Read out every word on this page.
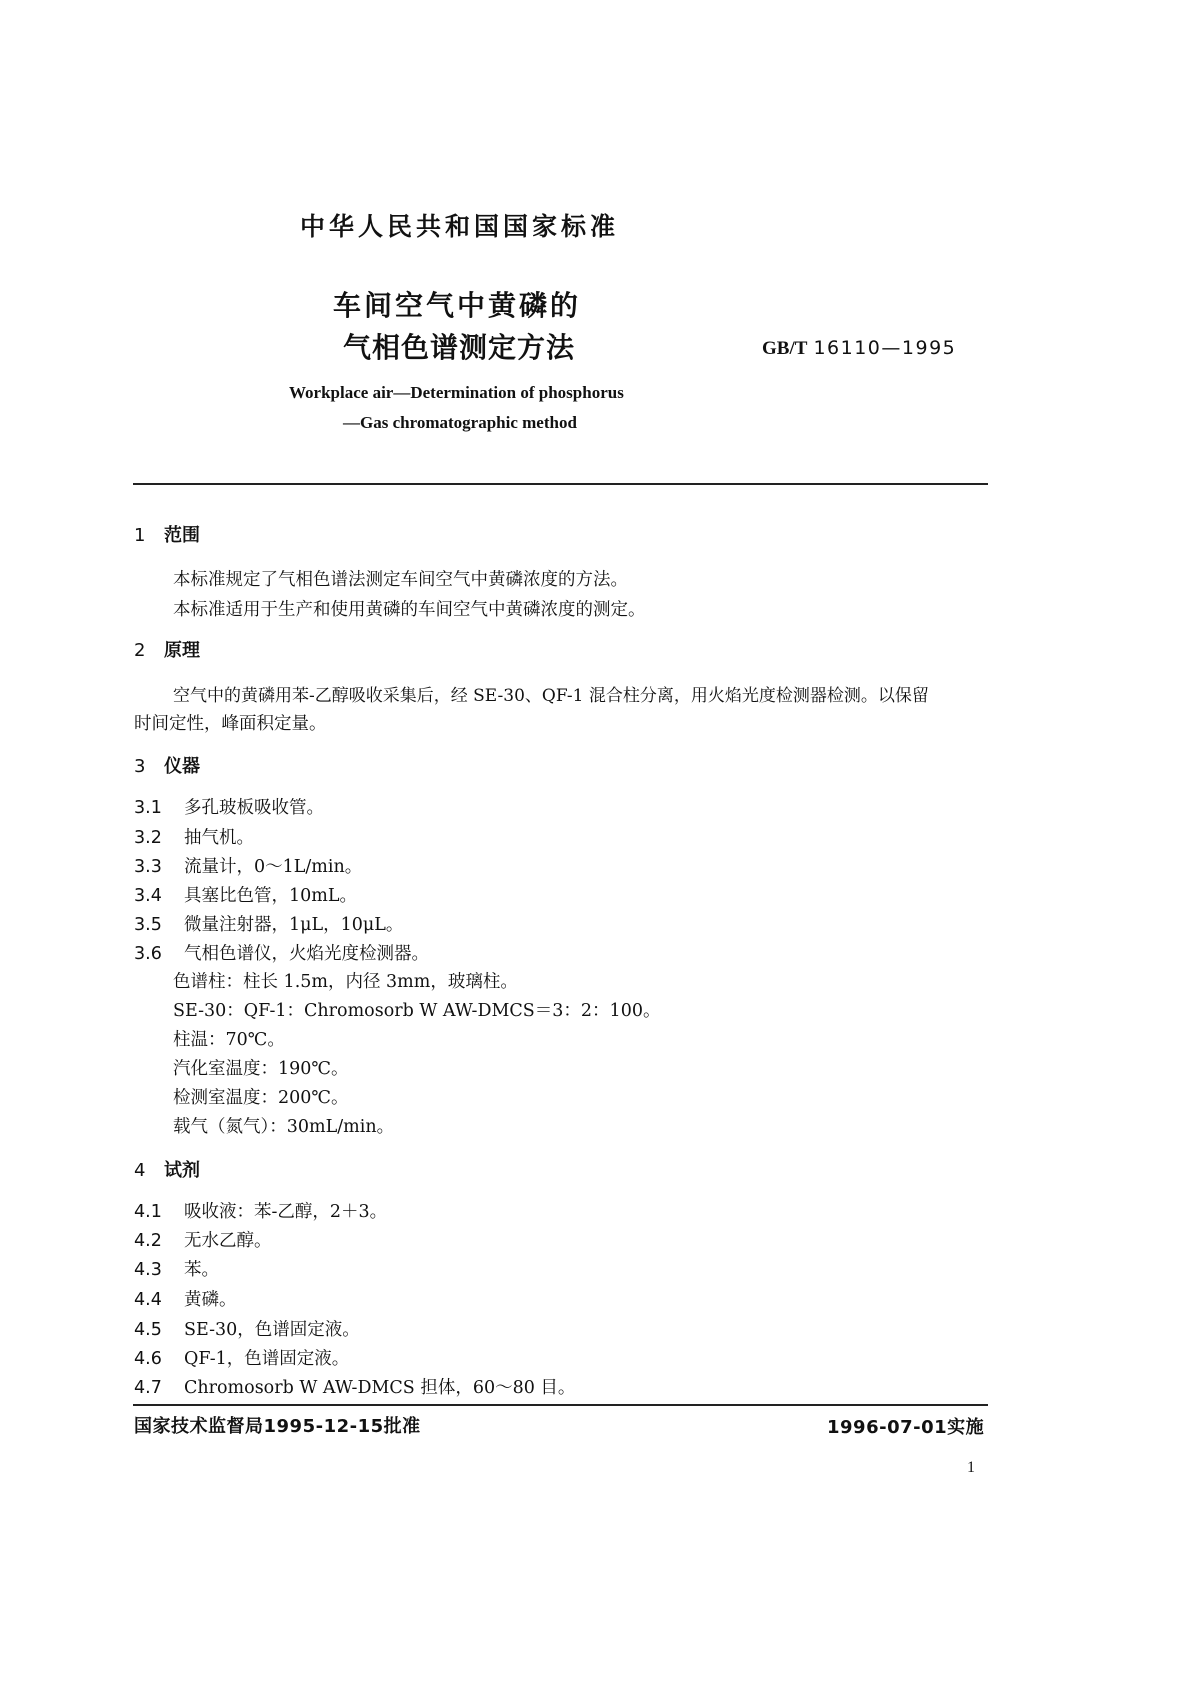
中华人民共和国国家标准
车间空气中黄磷的
气相色谱测定方法	GB/T 16110—1995
Workplace air—Determination of phosphorus
—Gas chromatographic method
1 范围
本标准规定了气相色谱法测定车间空气中黄磷浓度的方法。
本标准适用于生产和使用黄磷的车间空气中黄磷浓度的测定。
2 原理
空气中的黄磷用苯-乙醇吸收采集后，经 SE-30、QF-1 混合柱分离，用火焰光度检测器检测。以保留
时间定性，峰面积定量。
3 仪器
3.1 多孔玻板吸收管。
3.2 抽气机。
3.3 流量计，0～1L/min。
3.4 具塞比色管，10mL。
3.5 微量注射器，1μL，10μL。
3.6 气相色谱仪，火焰光度检测器。
色谱柱：柱长 1.5m，内径 3mm，玻璃柱。
SE-30：QF-1：Chromosorb W AW-DMCS＝3：2：100。
柱温：70℃。
汽化室温度：190℃。
检测室温度：200℃。
载气（氮气）：30mL/min。
4 试剂
4.1 吸收液：苯-乙醇，2＋3。
4.2 无水乙醇。
4.3 苯。
4.4 黄磷。
4.5 SE-30，色谱固定液。
4.6 QF-1，色谱固定液。
4.7 Chromosorb W AW-DMCS 担体，60～80 目。
国家技术监督局1995-12-15批准	1996-07-01实施
1
